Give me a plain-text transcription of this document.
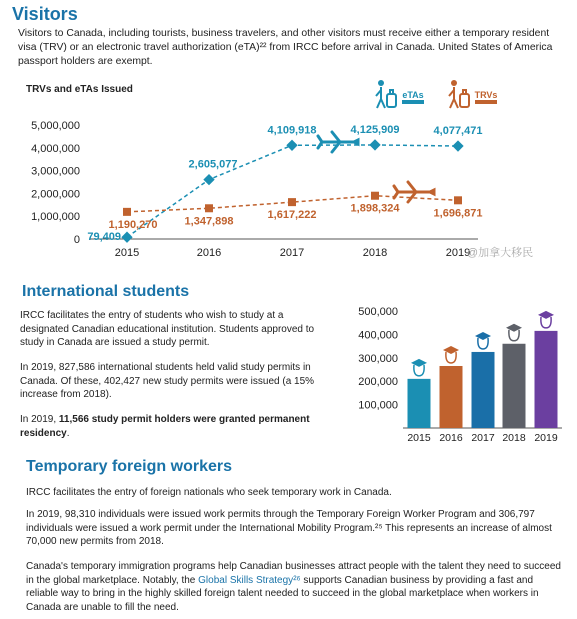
Visitors
Visitors to Canada, including tourists, business travelers, and other visitors must receive either a temporary resident visa (TRV) or an electronic travel authorization (eTA)²² from IRCC before arrival in Canada. United States of America passport holders are exempt.
TRVs and eTAs Issued	eTAs	TRVs
0
1,000,000
2,000,000
3,000,000
4,000,000
5,000,000
2015	2016	2017	2018	2019
79,409
2,605,077
4,109,918	4,125,909	4,077,471
1,190,270 1,347,898
1,617,222
1,898,324	1,696,871
@加拿大移民
International students
IRCC facilitates the entry of students who wish to study at a designated Canadian educational institution. Students approved to study in Canada are issued a study permit.
In 2019, 827,586 international students held valid study permits in Canada. Of these, 402,427 new study permits were issued (a 15% increase from 2018).
In 2019, 11,566 study permit holders were granted permanent residency.
100,000
200,000
300,000
400,000
500,000
2015 2016 2017 2018 2019
Temporary foreign workers
IRCC facilitates the entry of foreign nationals who seek temporary work in Canada.
In 2019, 98,310 individuals were issued work permits through the Temporary Foreign Worker Program and 306,797 individuals were issued a work permit under the International Mobility Program.²⁵ This represents an increase of almost 70,000 new permits from 2018.
Canada's temporary immigration programs help Canadian businesses attract people with the talent they need to succeed in the global marketplace. Notably, the Global Skills Strategy²⁶ supports Canadian business by providing a fast and reliable way to bring in the highly skilled foreign talent needed to succeed in the global marketplace when workers in Canada are unable to fill the need.
